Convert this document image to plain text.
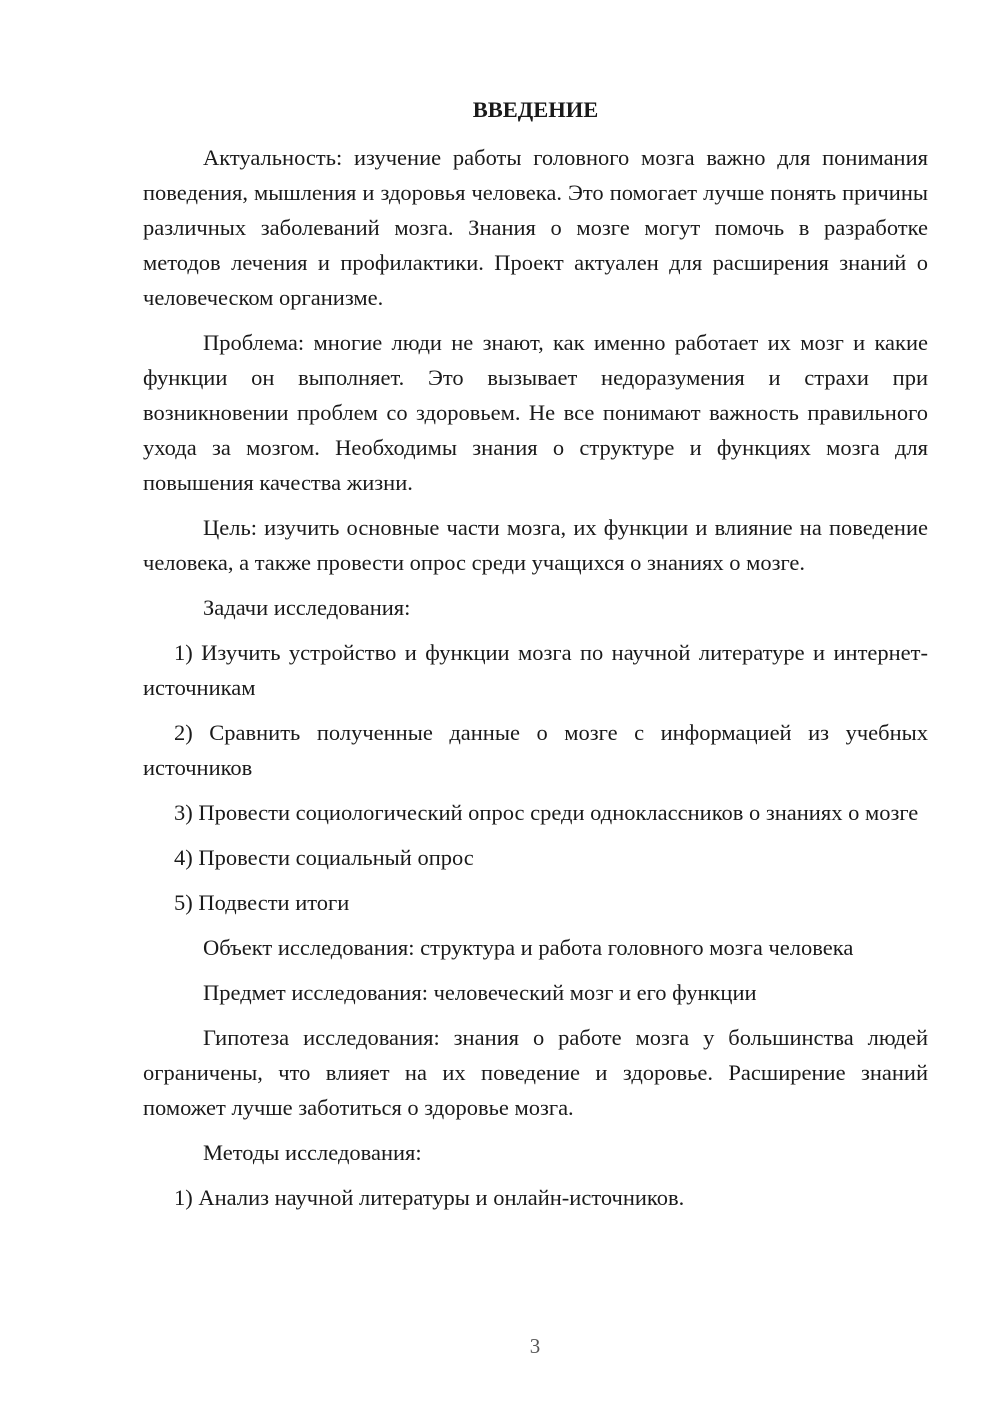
ВВЕДЕНИЕ

Актуальность: изучение работы головного мозга важно для понимания поведения, мышления и здоровья человека. Это помогает лучше понять причины различных заболеваний мозга. Знания о мозге могут помочь в разработке методов лечения и профилактики. Проект актуален для расширения знаний о человеческом организме.

Проблема: многие люди не знают, как именно работает их мозг и какие функции он выполняет. Это вызывает недоразумения и страхи при возникновении проблем со здоровьем. Не все понимают важность правильного ухода за мозгом. Необходимы знания о структуре и функциях мозга для повышения качества жизни.

Цель: изучить основные части мозга, их функции и влияние на поведение человека, а также провести опрос среди учащихся о знаниях о мозге.

Задачи исследования:

1) Изучить устройство и функции мозга по научной литературе и интернет-источникам

2) Сравнить полученные данные о мозге с информацией из учебных источников

3) Провести социологический опрос среди одноклассников о знаниях о мозге

4) Провести социальный опрос

5) Подвести итоги

Объект исследования: структура и работа головного мозга человека

Предмет исследования: человеческий мозг и его функции

Гипотеза исследования: знания о работе мозга у большинства людей ограничены, что влияет на их поведение и здоровье. Расширение знаний поможет лучше заботиться о здоровье мозга.

Методы исследования:

1) Анализ научной литературы и онлайн-источников.

3
